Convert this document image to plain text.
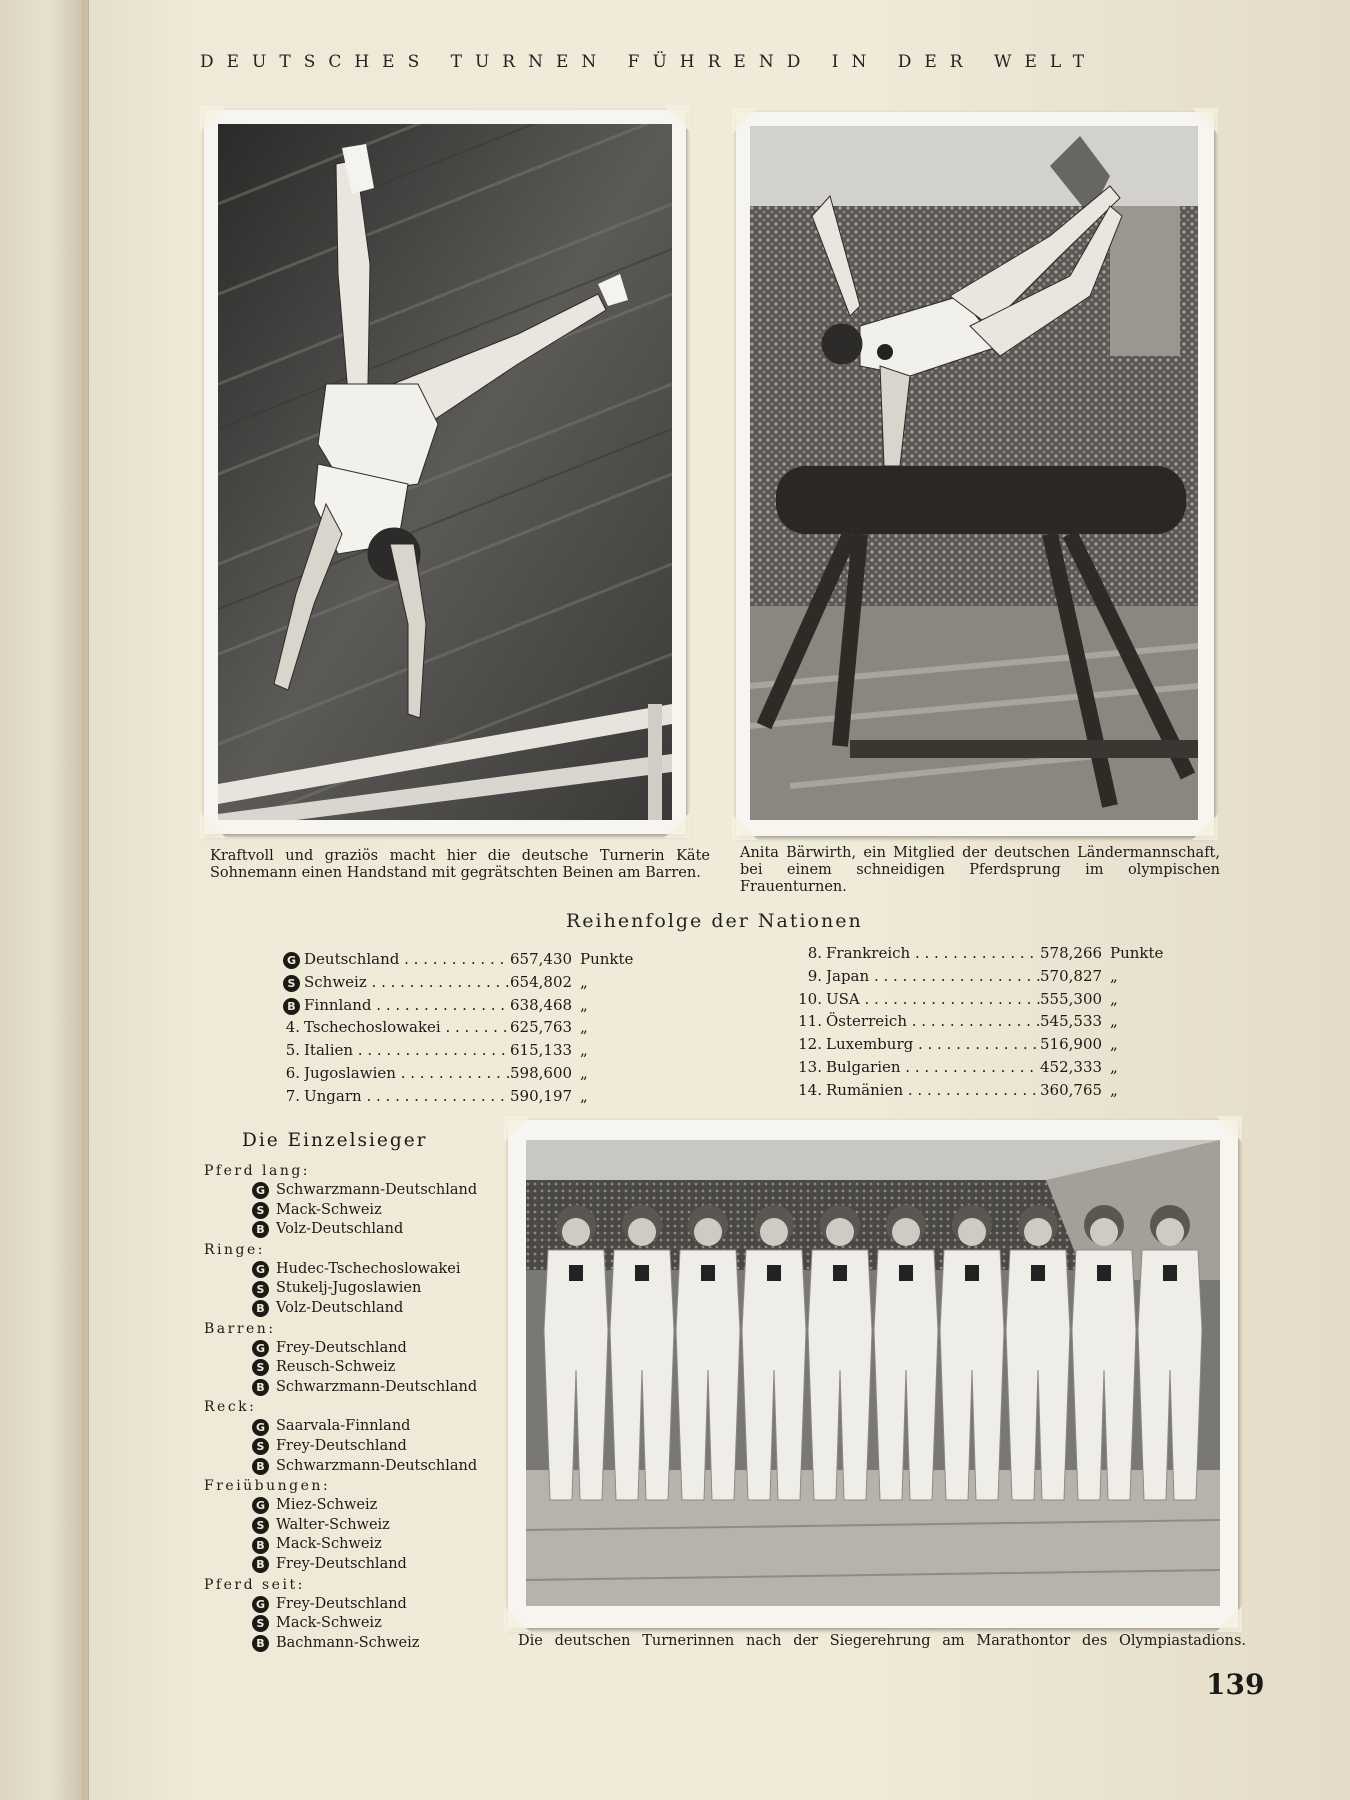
DEUTSCHES TURNEN FÜHREND IN DER WELT
Kraftvoll und graziös macht hier die deutsche Turnerin Käte Sohnemann einen Handstand mit gegrätschten Beinen am Barren.
Anita Bärwirth, ein Mitglied der deutschen Ländermannschaft, bei einem schneidigen Pferdsprung im olympischen Frauenturnen.
Reihenfolge der Nationen
G Deutschland . . .	657,430 Punkte
S Schweiz . . .	654,802 „
B Finnland . . .	638,468 „
4. Tschechoslowakei . . .	625,763 „
5. Italien . . .	615,133 „
6. Jugoslawien . . .	598,600 „
7. Ungarn . . .	590,197 „
8. Frankreich . . .	578,266 Punkte
9. Japan . . .	570,827 „
10. USA . . .	555,300 „
11. Österreich . . .	545,533 „
12. Luxemburg . . .	516,900 „
13. Bulgarien . . .	452,333 „
14. Rumänien . . .	360,765 „
Die Einzelsieger
Pferd lang:
G Schwarzmann-Deutschland
S Mack-Schweiz
B Volz-Deutschland
Ringe:
G Hudec-Tschechoslowakei
S Stukelj-Jugoslawien
B Volz-Deutschland
Barren:
G Frey-Deutschland
S Reusch-Schweiz
B Schwarzmann-Deutschland
Reck:
G Saarvala-Finnland
S Frey-Deutschland
B Schwarzmann-Deutschland
Freiübungen:
G Miez-Schweiz
S Walter-Schweiz
B Mack-Schweiz
B Frey-Deutschland
Pferd seit:
G Frey-Deutschland
S Mack-Schweiz
B Bachmann-Schweiz	Die deutschen Turnerinnen nach der Siegerehrung am Marathontor des Olympiastadions.
139
